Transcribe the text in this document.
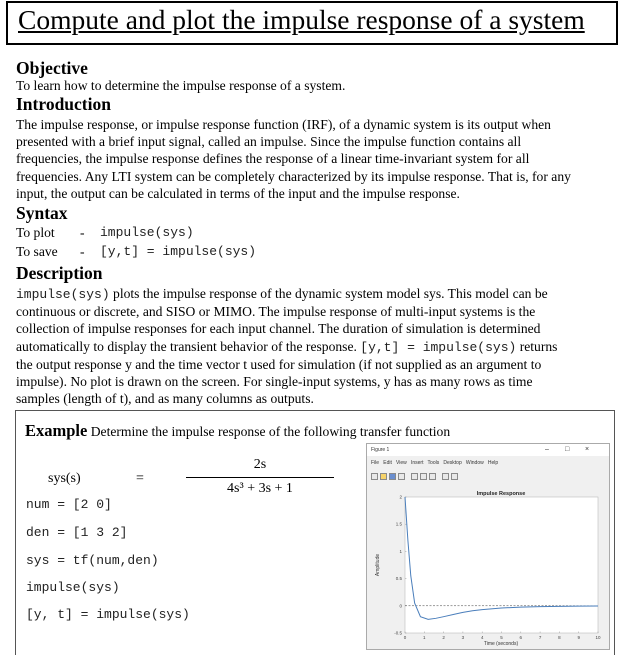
Compute and plot the impulse response of a system
Objective
To learn how to determine the impulse response of a system.
Introduction
The impulse response, or impulse response function (IRF), of a dynamic system is its output when
presented with a brief input signal, called an impulse. Since the impulse function contains all
frequencies, the impulse response defines the response of a linear time-invariant system for all
frequencies. Any LTI system can be completely characterized by its impulse response. That is, for any
input, the output can be calculated in terms of the input and the impulse response.
Syntax
To plot - impulse(sys)
To save - [y,t] = impulse(sys)
Description
impulse(sys) plots the impulse response of the dynamic system model sys. This model can be
continuous or discrete, and SISO or MIMO. The impulse response of multi-input systems is the
collection of impulse responses for each input channel. The duration of simulation is determined
automatically to display the transient behavior of the response. [y,t] = impulse(sys) returns
the output response y and the time vector t used for simulation (if not supplied as an argument to
impulse). No plot is drawn on the screen. For single-input systems, y has as many rows as time
samples (length of t), and as many columns as outputs.
Example Determine the impulse response of the following transfer function
sys(s)	=
2s
4s³ + 3s + 1
num = [2 0]
den = [1 3 2]
sys = tf(num,den)
impulse(sys)
[y, t] = impulse(sys)
Figure 1	– □ ×
File Edit View Insert Tools Desktop Window Help
Impulse Response
Time (seconds)
Amplitude
0	1	2	3	4	5	6	7	8	9	10
-0.5
0
0.5
1
1.5
2
